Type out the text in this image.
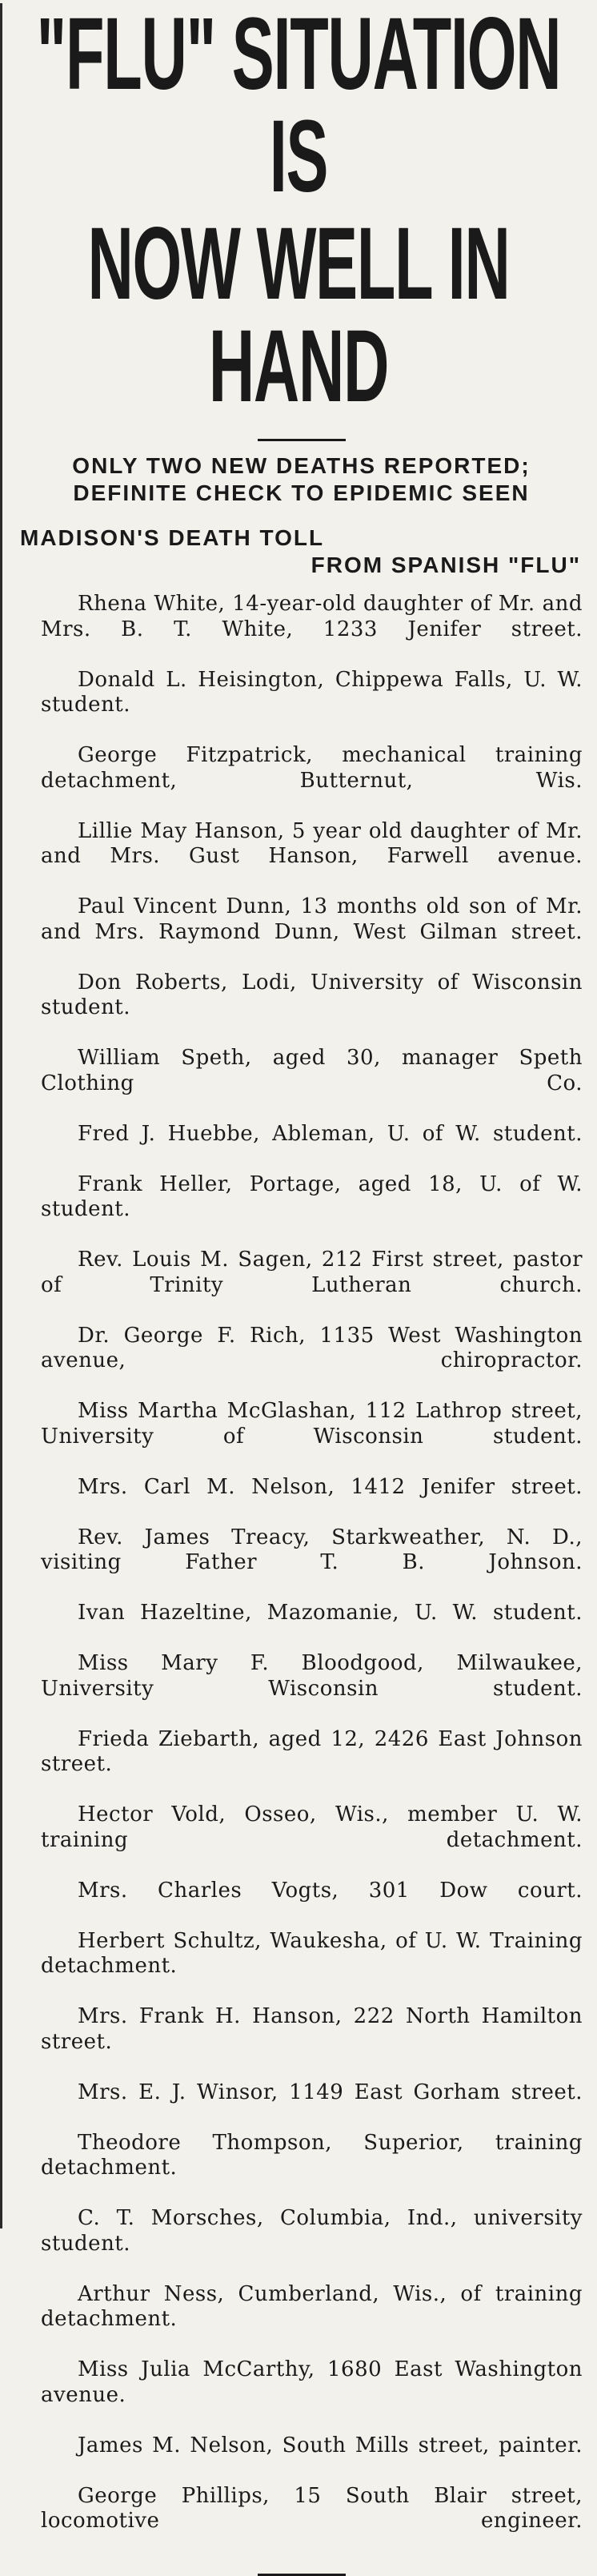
"FLU" SITUATION IS
NOW WELL IN HAND
ONLY TWO NEW DEATHS REPORTED; DEFINITE CHECK TO EPIDEMIC SEEN
MADISON'S DEATH TOLL
FROM SPANISH "FLU"

Rhena White, 14-year-old daughter of Mr. and Mrs. B. T. White, 1233 Jenifer street.

Donald L. Heisington, Chippewa Falls, U. W. student.

George Fitzpatrick, mechanical training detachment, Butternut, Wis.

Lillie May Hanson, 5 year old daughter of Mr. and Mrs. Gust Hanson, Farwell avenue.

Paul Vincent Dunn, 13 months old son of Mr. and Mrs. Raymond Dunn, West Gilman street.

Don Roberts, Lodi, University of Wisconsin student.

William Speth, aged 30, manager Speth Clothing Co.

Fred J. Huebbe, Ableman, U. of W. student.

Frank Heller, Portage, aged 18, U. of W. student.

Rev. Louis M. Sagen, 212 First street, pastor of Trinity Lutheran church.

Dr. George F. Rich, 1135 West Washington avenue, chiropractor.

Miss Martha McGlashan, 112 Lathrop street, University of Wisconsin student.

Mrs. Carl M. Nelson, 1412 Jenifer street.

Rev. James Treacy, Starkweather, N. D., visiting Father T. B. Johnson.

Ivan Hazeltine, Mazomanie, U. W. student.

Miss Mary F. Bloodgood, Milwaukee, University Wisconsin student.

Frieda Ziebarth, aged 12, 2426 East Johnson street.

Hector Vold, Osseo, Wis., member U. W. training detachment.

Mrs. Charles Vogts, 301 Dow court.

Herbert Schultz, Waukesha, of U. W. Training detachment.

Mrs. Frank H. Hanson, 222 North Hamilton street.

Mrs. E. J. Winsor, 1149 East Gorham street.

Theodore Thompson, Superior, training detachment.

C. T. Morsches, Columbia, Ind., university student.

Arthur Ness, Cumberland, Wis., of training detachment.

Miss Julia McCarthy, 1680 East Washington avenue.

James M. Nelson, South Mills street, painter.

George Phillips, 15 South Blair street, locomotive engineer.
